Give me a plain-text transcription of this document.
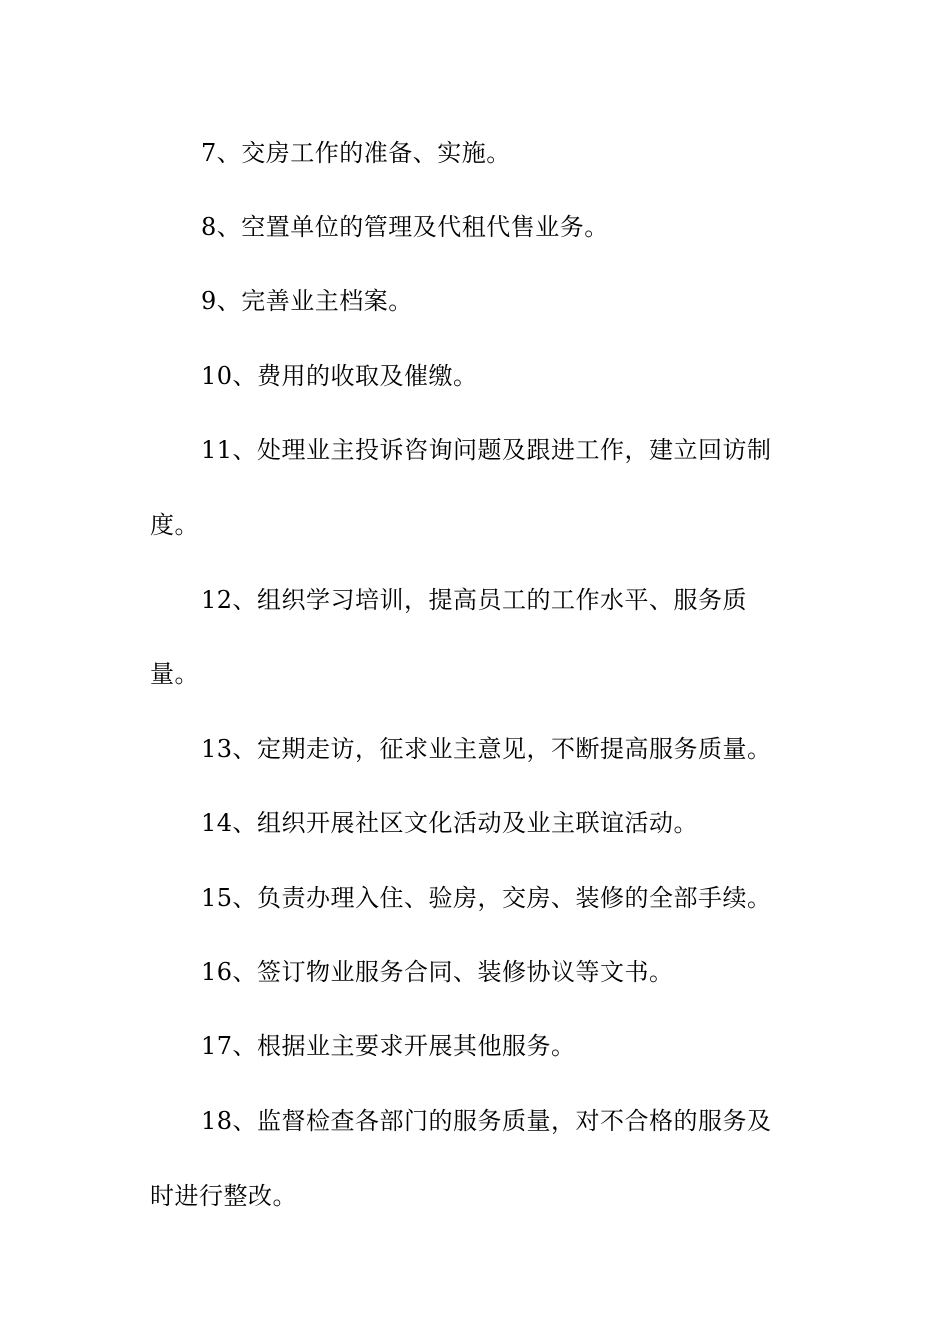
7、交房工作的准备、实施。
8、空置单位的管理及代租代售业务。
9、完善业主档案。
10、费用的收取及催缴。
11、处理业主投诉咨询问题及跟进工作，建立回访制
度。
12、组织学习培训，提高员工的工作水平、服务质
量。
13、定期走访，征求业主意见，不断提高服务质量。
14、组织开展社区文化活动及业主联谊活动。
15、负责办理入住、验房，交房、装修的全部手续。
16、签订物业服务合同、装修协议等文书。
17、根据业主要求开展其他服务。
18、监督检查各部门的服务质量，对不合格的服务及
时进行整改。
